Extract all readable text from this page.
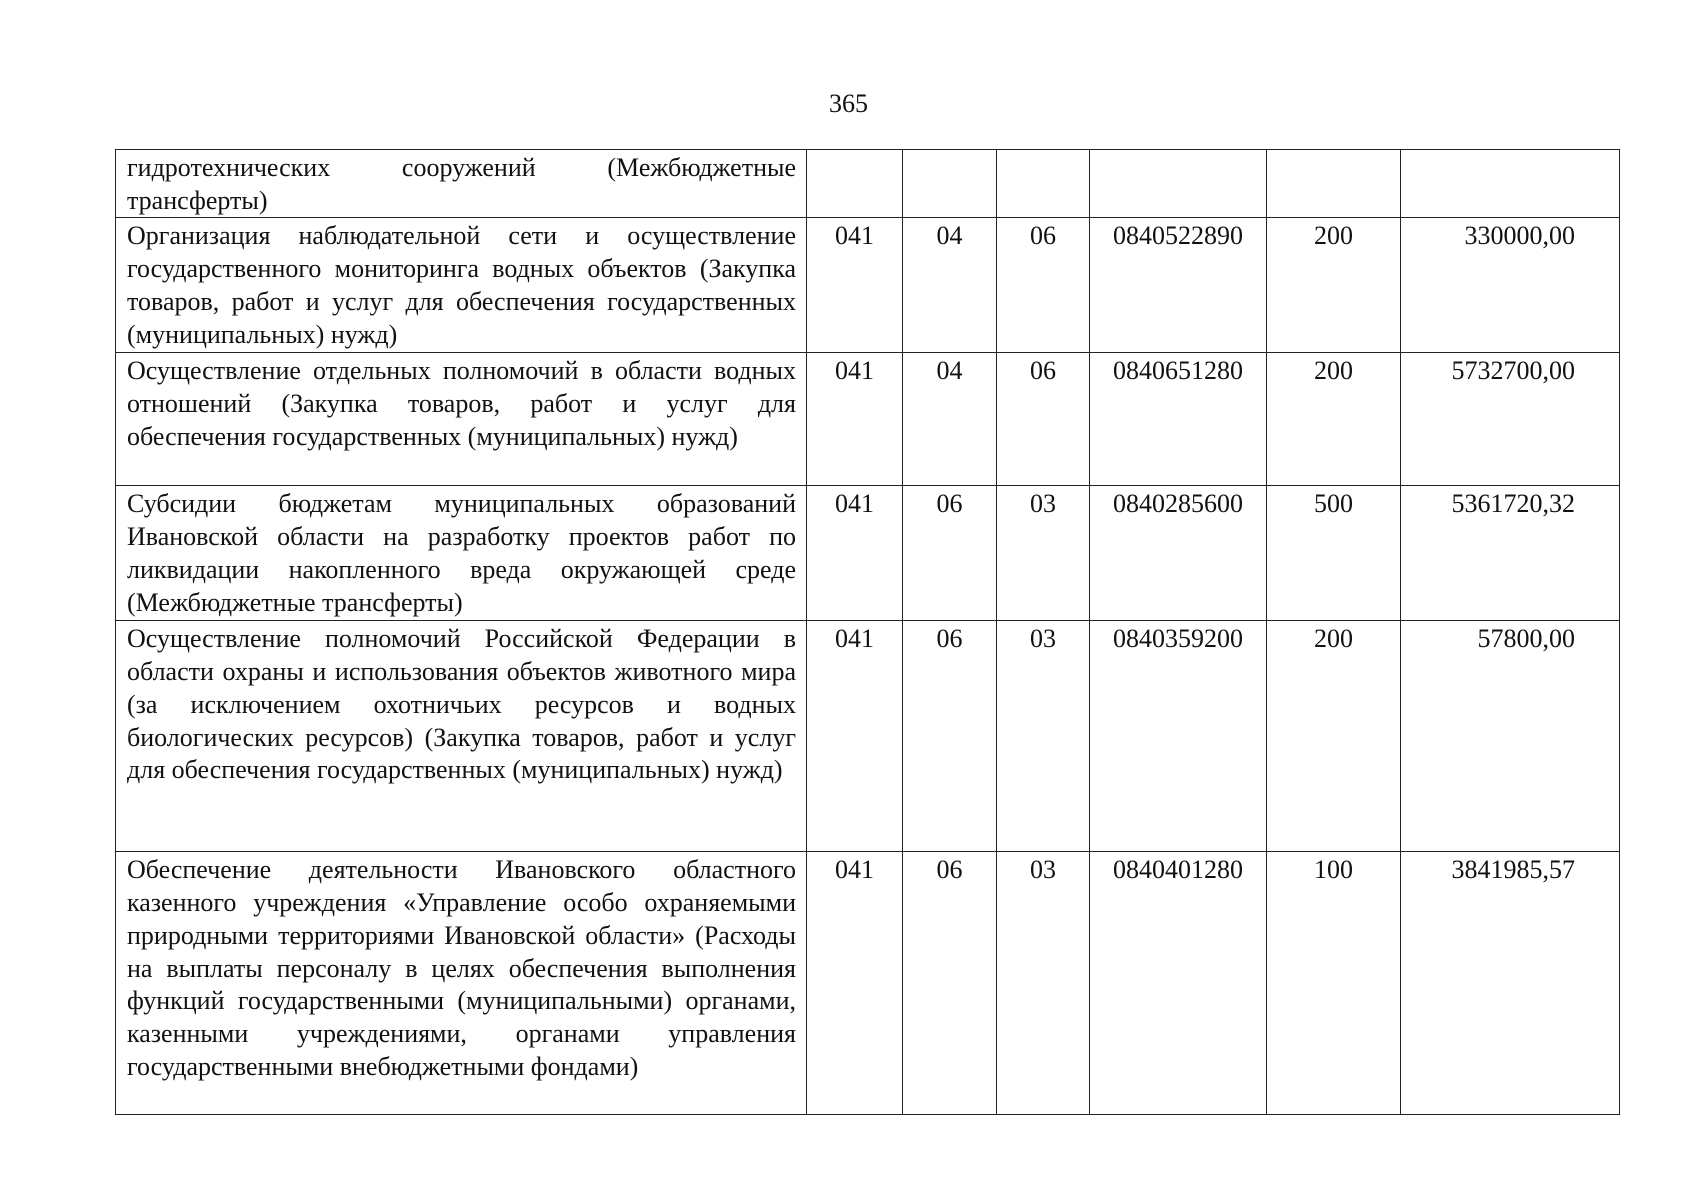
365
гидротехнических сооружений (Межбюджетные трансферты)						
Организация наблюдательной сети и осуществление государственного мониторинга водных объектов (Закупка товаров, работ и услуг для обеспечения государственных (муниципальных) нужд)	041	04	06	0840522890	200	330000,00
Осуществление отдельных полномочий в области водных отношений (Закупка товаров, работ и услуг для обеспечения государственных (муниципальных) нужд)	041	04	06	0840651280	200	5732700,00
Субсидии бюджетам муниципальных образований Ивановской области на разработку проектов работ по ликвидации накопленного вреда окружающей среде (Межбюджетные трансферты)	041	06	03	0840285600	500	5361720,32
Осуществление полномочий Российской Федерации в области охраны и использования объектов животного мира (за исключением охотничьих ресурсов и водных биологических ресурсов) (Закупка товаров, работ и услуг для обеспечения государственных (муниципальных) нужд)	041	06	03	0840359200	200	57800,00
Обеспечение деятельности Ивановского областного казенного учреждения «Управление особо охраняемыми природными территориями Ивановской области» (Расходы на выплаты персоналу в целях обеспечения выполнения функций государственными (муниципальными) органами, казенными учреждениями, органами управления государственными внебюджетными фондами)	041	06	03	0840401280	100	3841985,57
